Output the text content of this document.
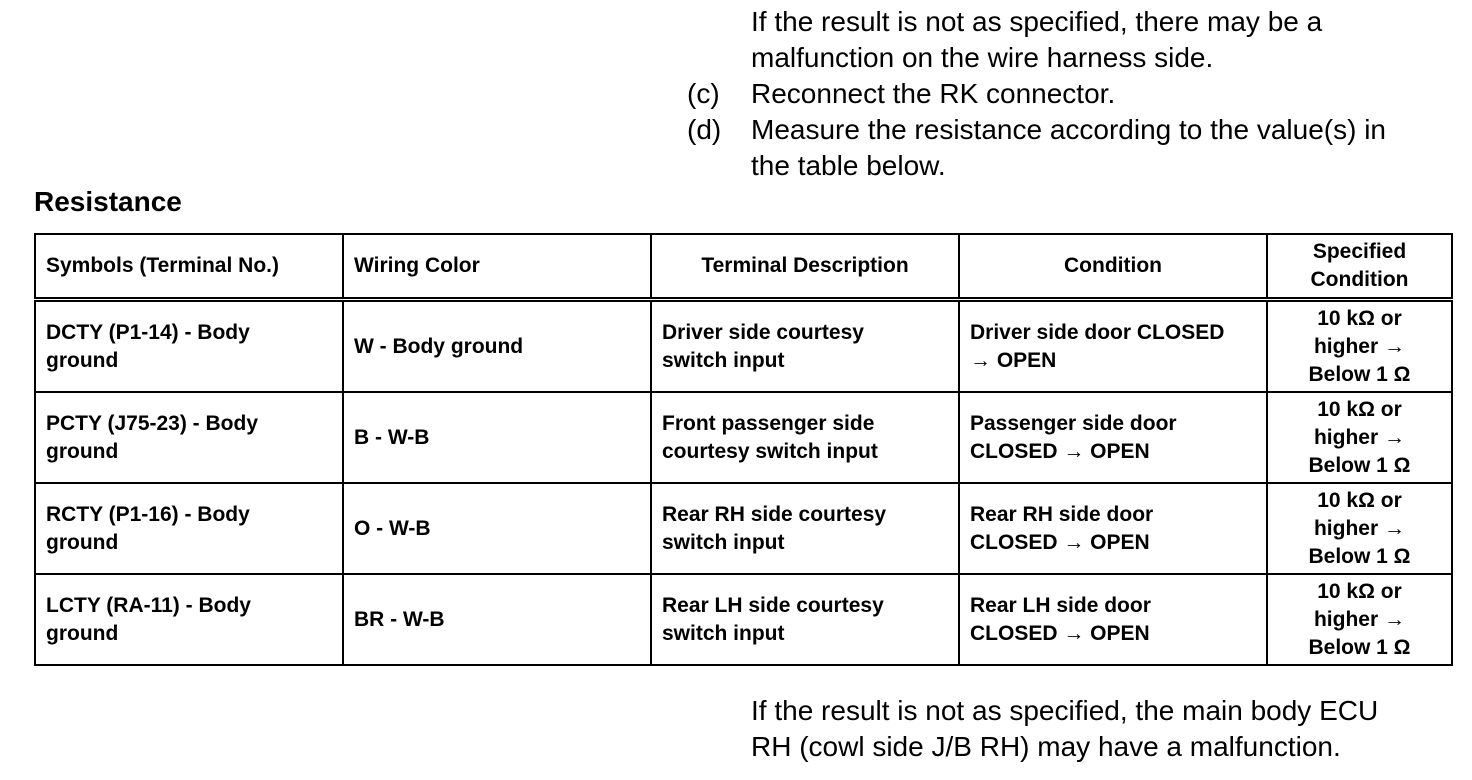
If the result is not as specified, there may be a
malfunction on the wire harness side.
(c) Reconnect the RK connector.
(d) Measure the resistance according to the value(s) in
the table below.
Resistance
Symbols (Terminal No.)	Wiring Color	Terminal Description	Condition	Specified
Condition

DCTY (P1-14) - Body
ground	W - Body ground	Driver side courtesy
switch input	Driver side door CLOSED
→ OPEN	10 kΩ or
higher →
Below 1 Ω

PCTY (J75-23) - Body
ground	B - W-B	Front passenger side
courtesy switch input	Passenger side door
CLOSED → OPEN	10 kΩ or
higher →
Below 1 Ω

RCTY (P1-16) - Body
ground	O - W-B	Rear RH side courtesy
switch input	Rear RH side door
CLOSED → OPEN	10 kΩ or
higher →
Below 1 Ω

LCTY (RA-11) - Body
ground	BR - W-B	Rear LH side courtesy
switch input	Rear LH side door
CLOSED → OPEN	10 kΩ or
higher →
Below 1 Ω
If the result is not as specified, the main body ECU
RH (cowl side J/B RH) may have a malfunction.
